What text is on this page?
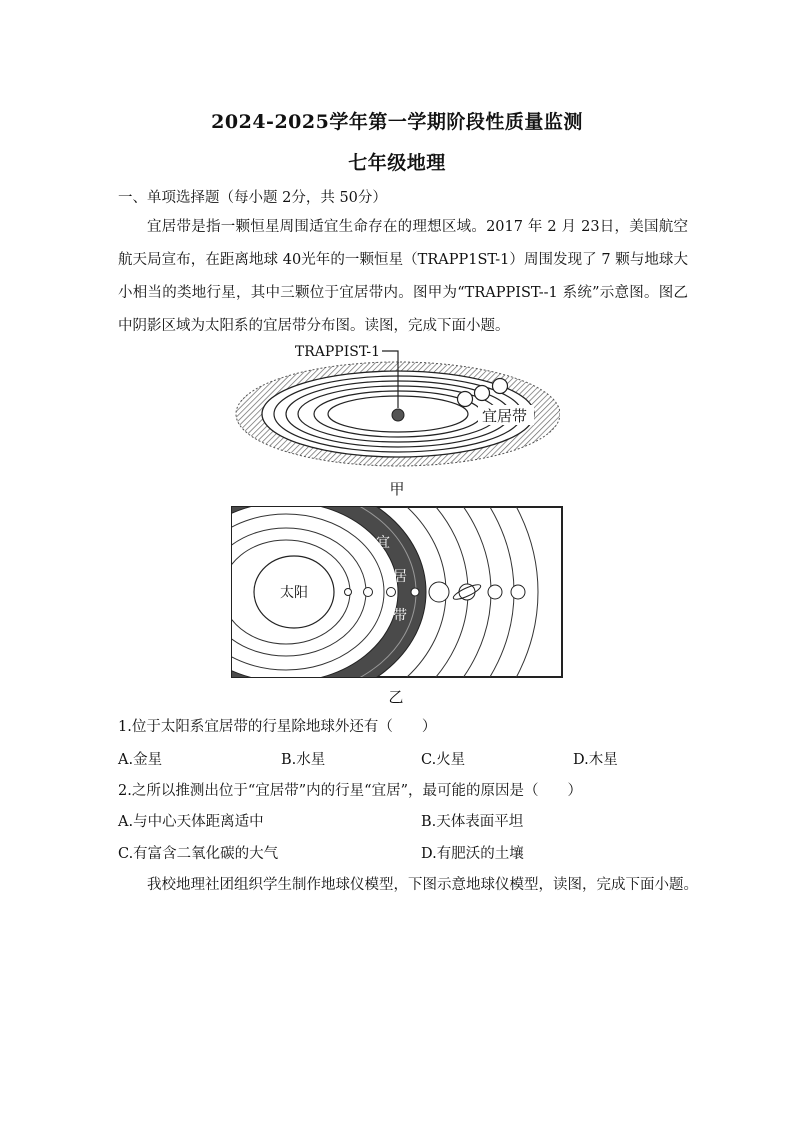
2024-2025学年第一学期阶段性质量监测
七年级地理
一、单项选择题（每小题 2分，共 50分）
宜居带是指一颗恒星周围适宜生命存在的理想区域。2017 年 2 月 23日，美国航空航天局宣布，在距离地球 40光年的一颗恒星（TRAPP1ST-1）周围发现了 7 颗与地球大小相当的类地行星，其中三颗位于宜居带内。图甲为“TRAPPIST--1 系统”示意图。图乙中阴影区域为太阳系的宜居带分布图。读图，完成下面小题。
TRAPPIST-1
宜居带
甲
太阳
宜
居
带
乙
1.位于太阳系宜居带的行星除地球外还有（　　）
A.金星	B.水星	C.火星	D.木星
2.之所以推测出位于“宜居带”内的行星“宜居”，最可能的原因是（　　）
A.与中心天体距离适中	B.天体表面平坦
C.有富含二氧化碳的大气	D.有肥沃的土壤
我校地理社团组织学生制作地球仪模型，下图示意地球仪模型，读图，完成下面小题。
